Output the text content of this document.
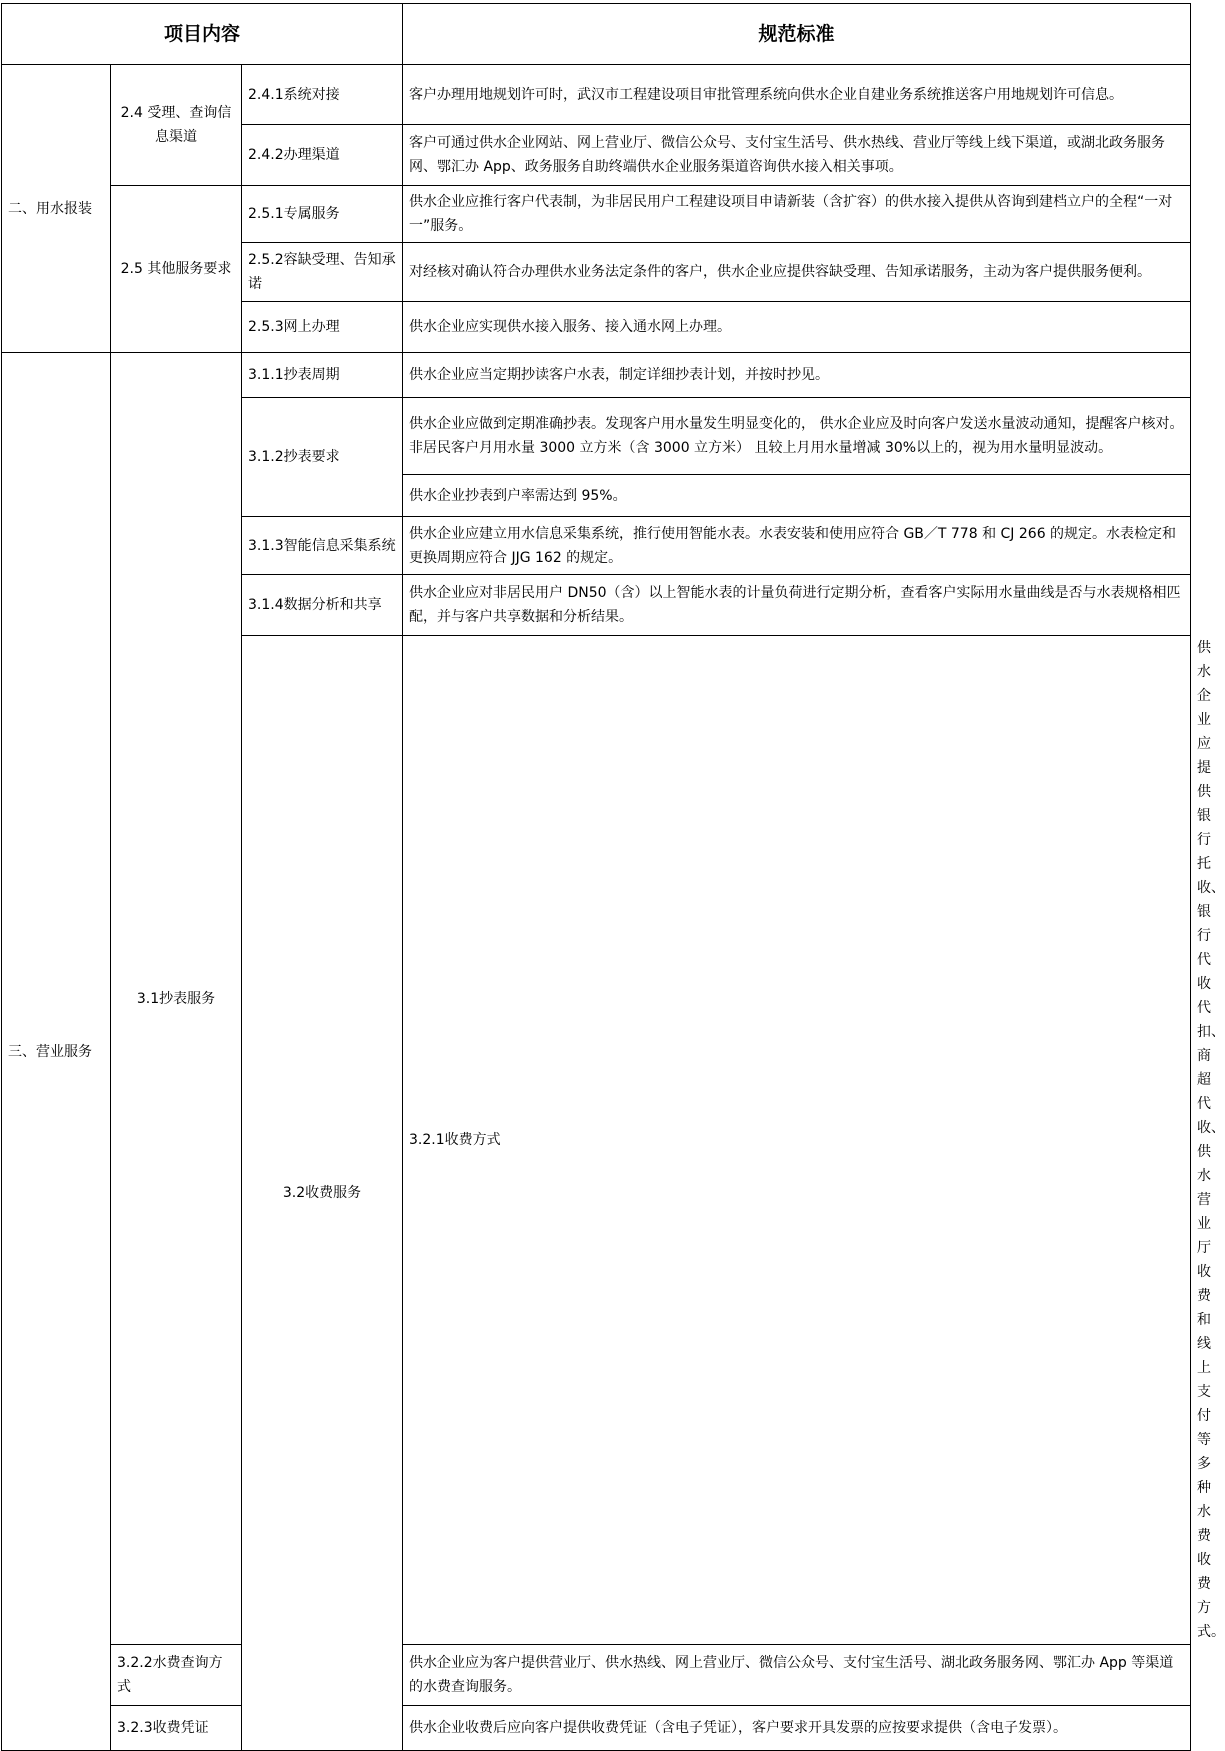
项目内容			规范标准	
二、用水报装	2.4 受理、查询信息渠道	2.4.1系统对接	客户办理用地规划许可时，武汉市工程建设项目审批管理系统向供水企业自建业务系统推送客户用地规划许可信息。	
		2.4.2办理渠道	客户可通过供水企业网站、网上营业厅、微信公众号、支付宝生活号、供水热线、营业厅等线上线下渠道，或湖北政务服务网、鄂汇办 App、政务服务自助终端供水企业服务渠道咨询供水接入相关事项。	
	2.5 其他服务要求	2.5.1专属服务	供水企业应推行客户代表制，为非居民用户工程建设项目申请新装（含扩容）的供水接入提供从咨询到建档立户的全程“一对一”服务。	
		2.5.2容缺受理、告知承诺	对经核对确认符合办理供水业务法定条件的客户，供水企业应提供容缺受理、告知承诺服务，主动为客户提供服务便利。	
		2.5.3网上办理	供水企业应实现供水接入服务、接入通水网上办理。	
三、营业服务	3.1抄表服务	3.1.1抄表周期	供水企业应当定期抄读客户水表，制定详细抄表计划，并按时抄见。	
		3.1.2抄表要求	供水企业应做到定期准确抄表。发现客户用水量发生明显变化的， 供水企业应及时向客户发送水量波动通知，提醒客户核对。非居民客户月用水量 3000 立方米（含 3000 立方米） 且较上月用水量增减 30%以上的，视为用水量明显波动。	
			供水企业抄表到户率需达到 95%。	
		3.1.3智能信息采集系统	供水企业应建立用水信息采集系统，推行使用智能水表。水表安装和使用应符合 GB／T 778 和 CJ 266 的规定。水表检定和更换周期应符合 JJG 162 的规定。	
		3.1.4数据分析和共享	供水企业应对非居民用户 DN50（含）以上智能水表的计量负荷进行定期分析，查看客户实际用水量曲线是否与水表规格相匹配，并与客户共享数据和分析结果。	
		3.2收费服务	3.2.1收费方式	供水企业应提供银行托收、银行代收代扣、商超代收、供水营业厅收费和线上支付等多种水费收费方式。
	3.2.2水费查询方式		供水企业应为客户提供营业厅、供水热线、网上营业厅、微信公众号、支付宝生活号、湖北政务服务网、鄂汇办 App 等渠道的水费查询服务。	
	3.2.3收费凭证		供水企业收费后应向客户提供收费凭证（含电子凭证），客户要求开具发票的应按要求提供（含电子发票）。	
